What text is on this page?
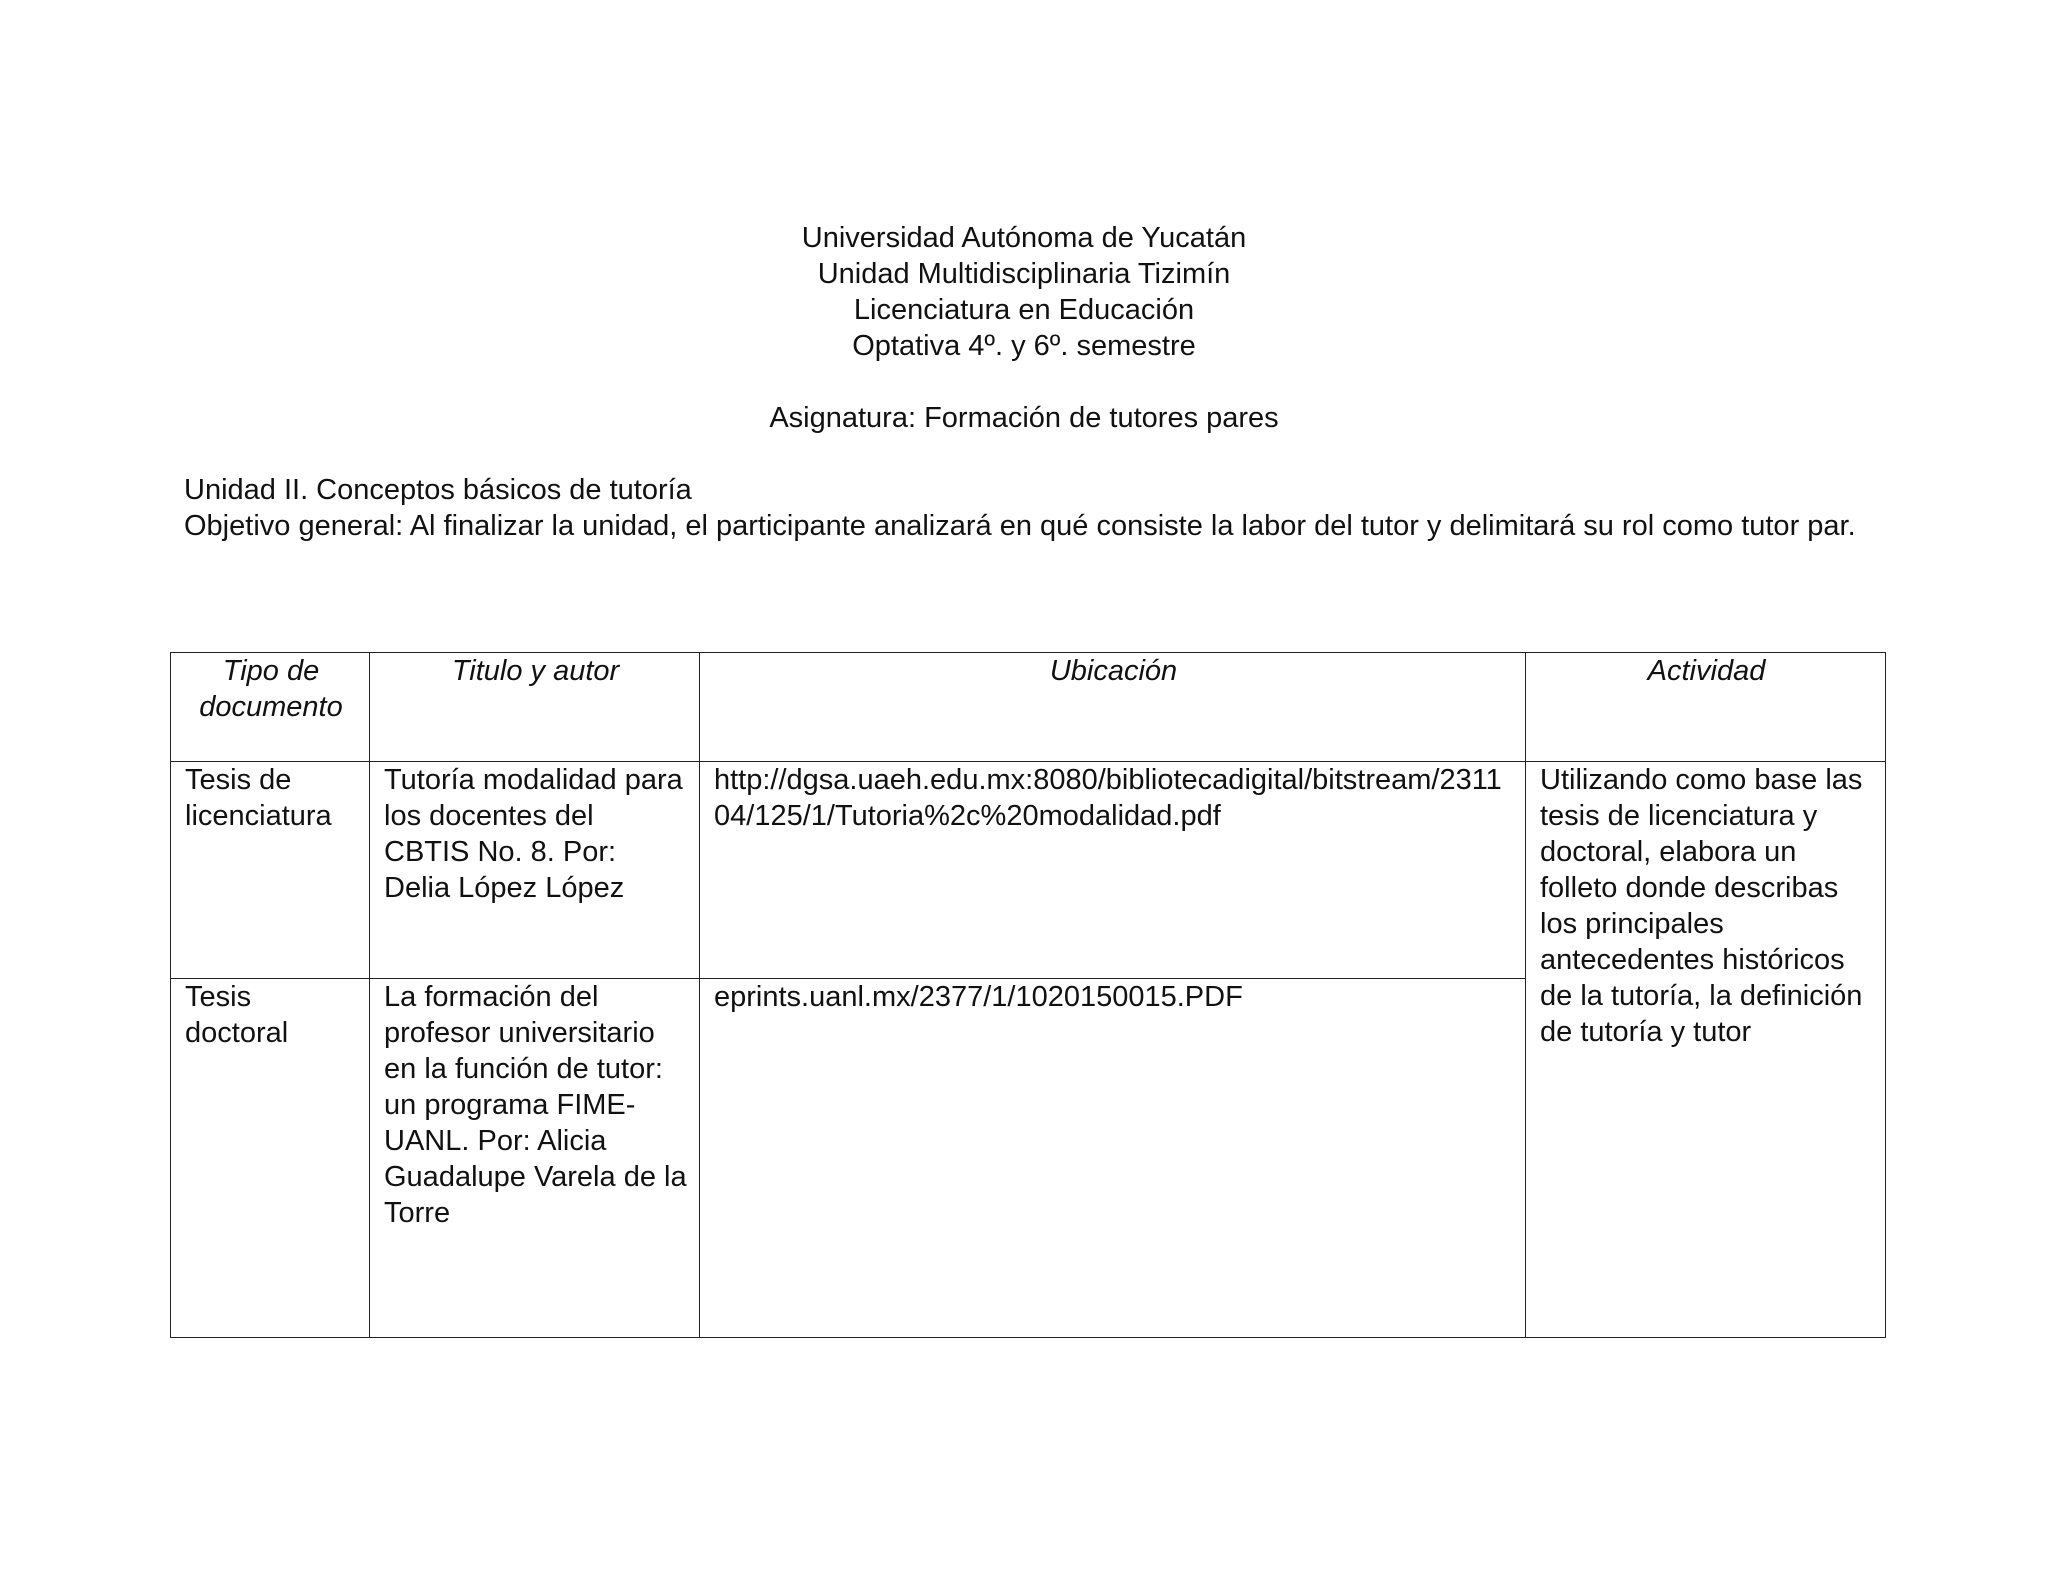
Universidad Autónoma de Yucatán
Unidad Multidisciplinaria Tizimín
Licenciatura en Educación
Optativa 4º. y 6º. semestre
Asignatura: Formación de tutores pares
Unidad II. Conceptos básicos de tutoría
Objetivo general: Al finalizar la unidad, el participante analizará en qué consiste la labor del tutor y delimitará su rol como tutor par.
Tipo de documento	Titulo y autor	Ubicación	Actividad
Tesis de licenciatura	Tutoría modalidad para los docentes del CBTIS No. 8. Por: Delia López López	http://dgsa.uaeh.edu.mx:8080/bibliotecadigital/bitstream/231104/125/1/Tutoria%2c%20modalidad.pdf	Utilizando como base las tesis de licenciatura y doctoral, elabora un folleto donde describas los principales antecedentes históricos de la tutoría, la definición de tutoría y tutor
Tesis doctoral	La formación del profesor universitario en la función de tutor: un programa FIME-UANL. Por: Alicia Guadalupe Varela de la Torre	eprints.uanl.mx/2377/1/1020150015.PDF	
